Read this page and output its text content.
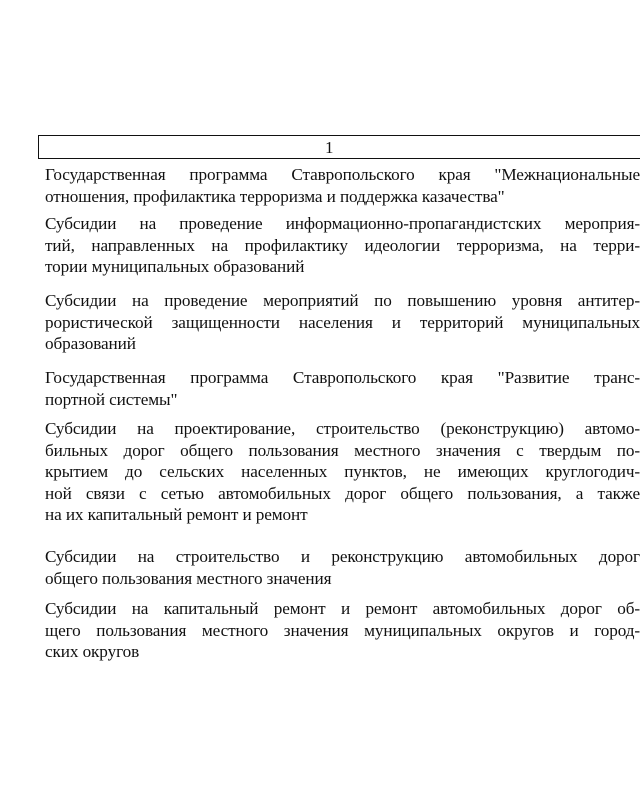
1
Государственная программа Ставропольского края "Межнациональные
отношения, профилактика терроризма и поддержка казачества"
Субсидии на проведение информационно-пропагандистских мероприя-
тий, направленных на профилактику идеологии терроризма, на терри-
тории муниципальных образований
Субсидии на проведение мероприятий по повышению уровня антитер-
рористической защищенности населения и территорий муниципальных
образований
Государственная программа Ставропольского края "Развитие транс-
портной системы"
Субсидии на проектирование, строительство (реконструкцию) автомо-
бильных дорог общего пользования местного значения с твердым по-
крытием до сельских населенных пунктов, не имеющих круглогодич-
ной связи с сетью автомобильных дорог общего пользования, а также
на их капитальный ремонт и ремонт
Субсидии на строительство и реконструкцию автомобильных дорог
общего пользования местного значения
Субсидии на капитальный ремонт и ремонт автомобильных дорог об-
щего пользования местного значения муниципальных округов и город-
ских округов
